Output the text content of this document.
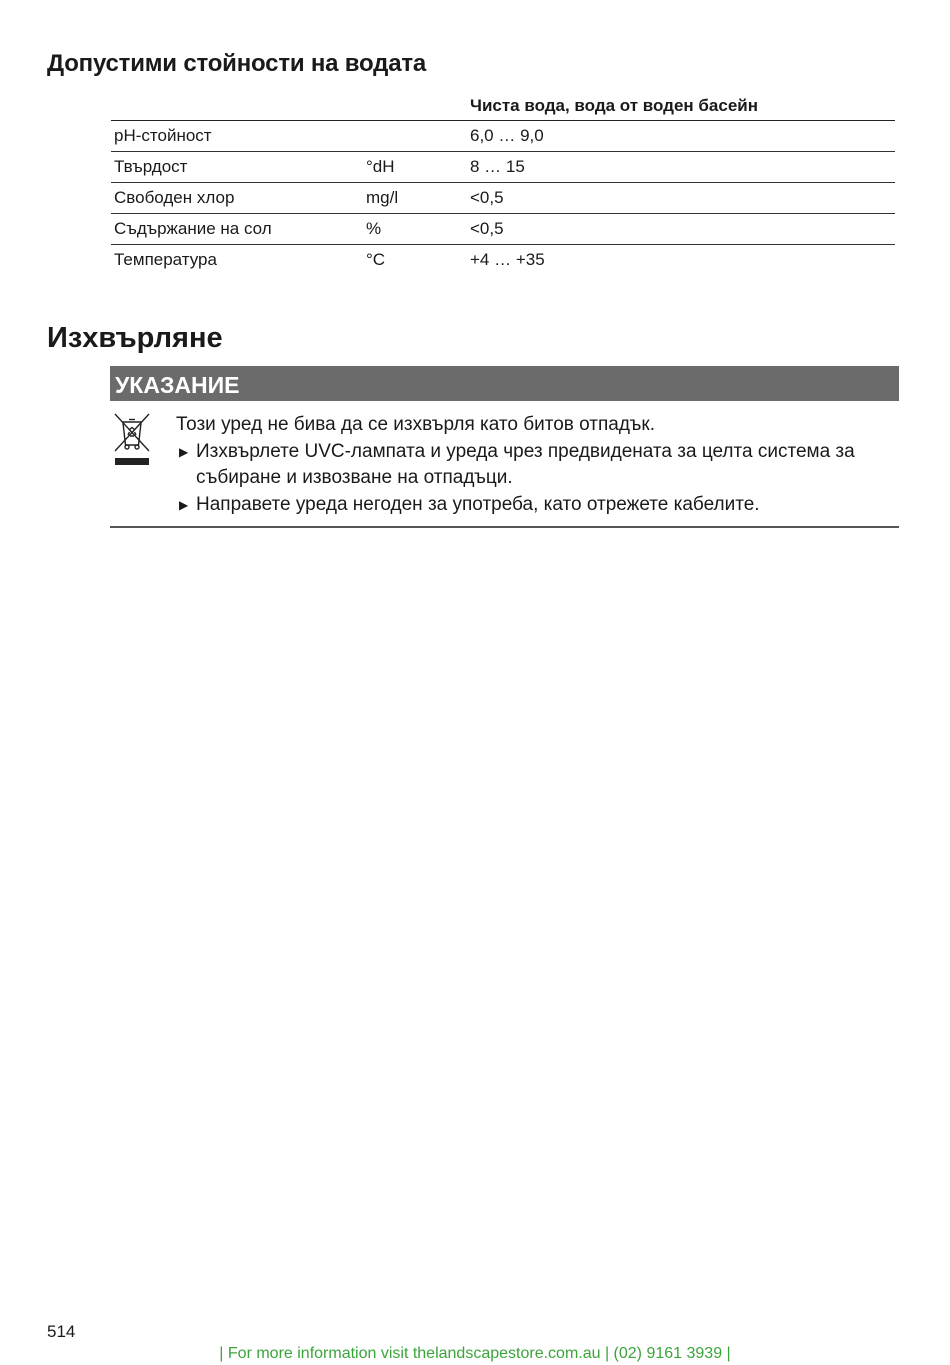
Допустими стойности на водата
		Чиста вода, вода от воден басейн
pH-стойност		6,0 … 9,0
Твърдост	°dH	8 … 15
Свободен хлор	mg/l	<0,5
Съдържание на сол	%	<0,5
Температура	°C	+4 … +35
Изхвърляне
УКАЗАНИЕ

Този уред не бива да се изхвърля като битов отпадък.

▶ Изхвърлете UVC-лампата и уреда чрез предвидената за целта система за събиране и извозване на отпадъци.

▶ Направете уреда негоден за употреба, като отрежете кабелите.

514
| For more information visit thelandscapestore.com.au | (02) 9161 3939 |
